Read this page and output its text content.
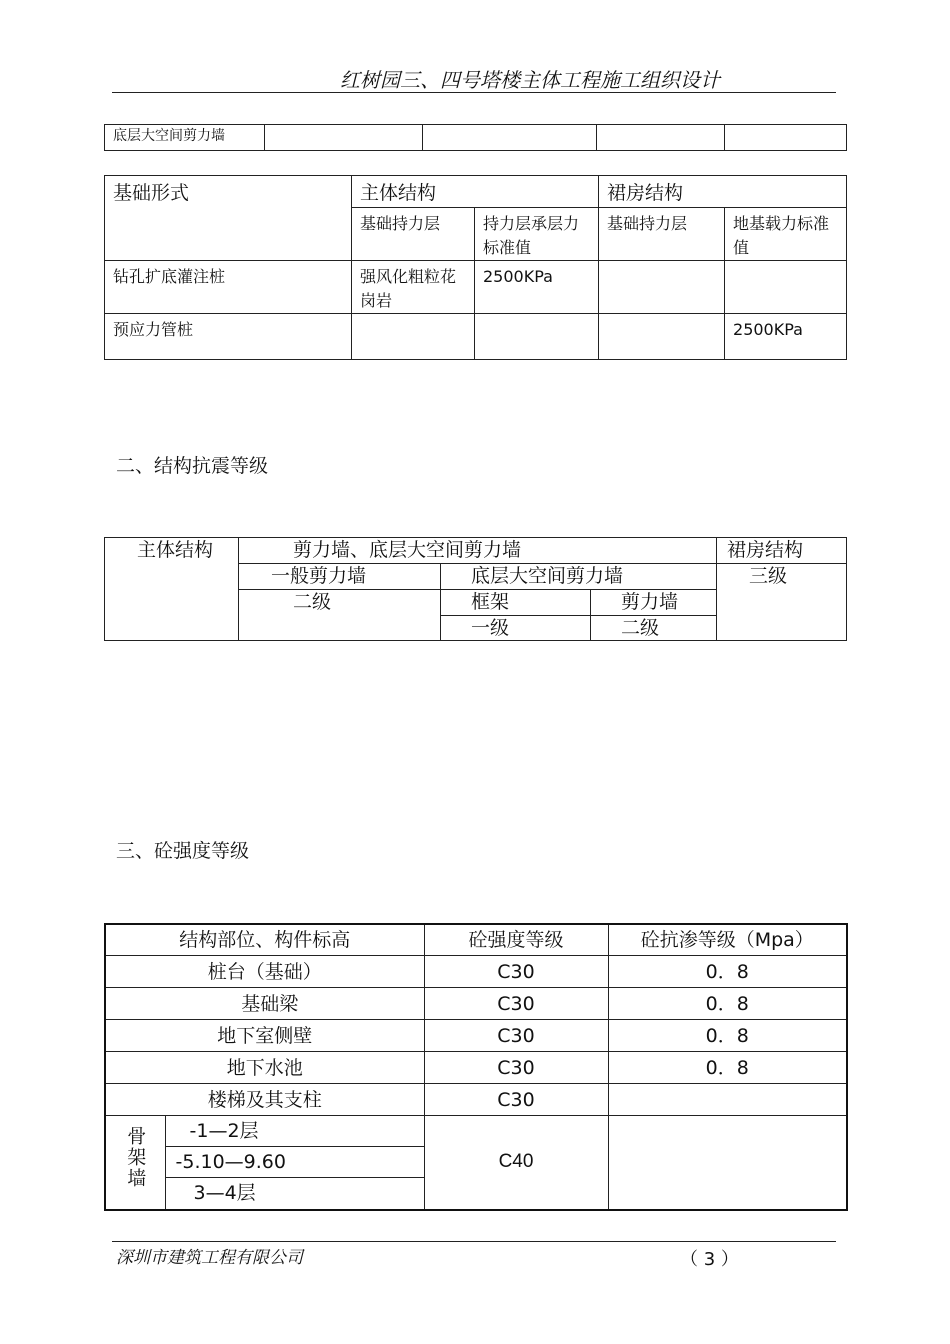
红树园三、四号塔楼主体工程施工组织设计
底层大空间剪力墙				
基础形式	主体结构		裙房结构	
	基础持力层	持力层承层力标准值	基础持力层	地基载力标准值
钻孔扩底灌注桩	强风化粗粒花岗岩	2500KPa		
预应力管桩				2500KPa
二、结构抗震等级
主体结构	剪力墙、底层大空间剪力墙			裙房结构
	一般剪力墙	底层大空间剪力墙		三级
	二级	框架	剪力墙	
		一级	二级	
三、砼强度等级
结构部位、构件标高		砼强度等级	砼抗渗等级（Mpa）
桩台（基础）		C30	0．8
基础梁		C30	0．8
地下室侧壁		C30	0．8
地下水池		C30	0．8
楼梯及其支柱		C30	
骨架墙	-1—2层	C40	
	-5.10—9.60		
	3—4层		
深圳市建筑工程有限公司	（ 3 ）
